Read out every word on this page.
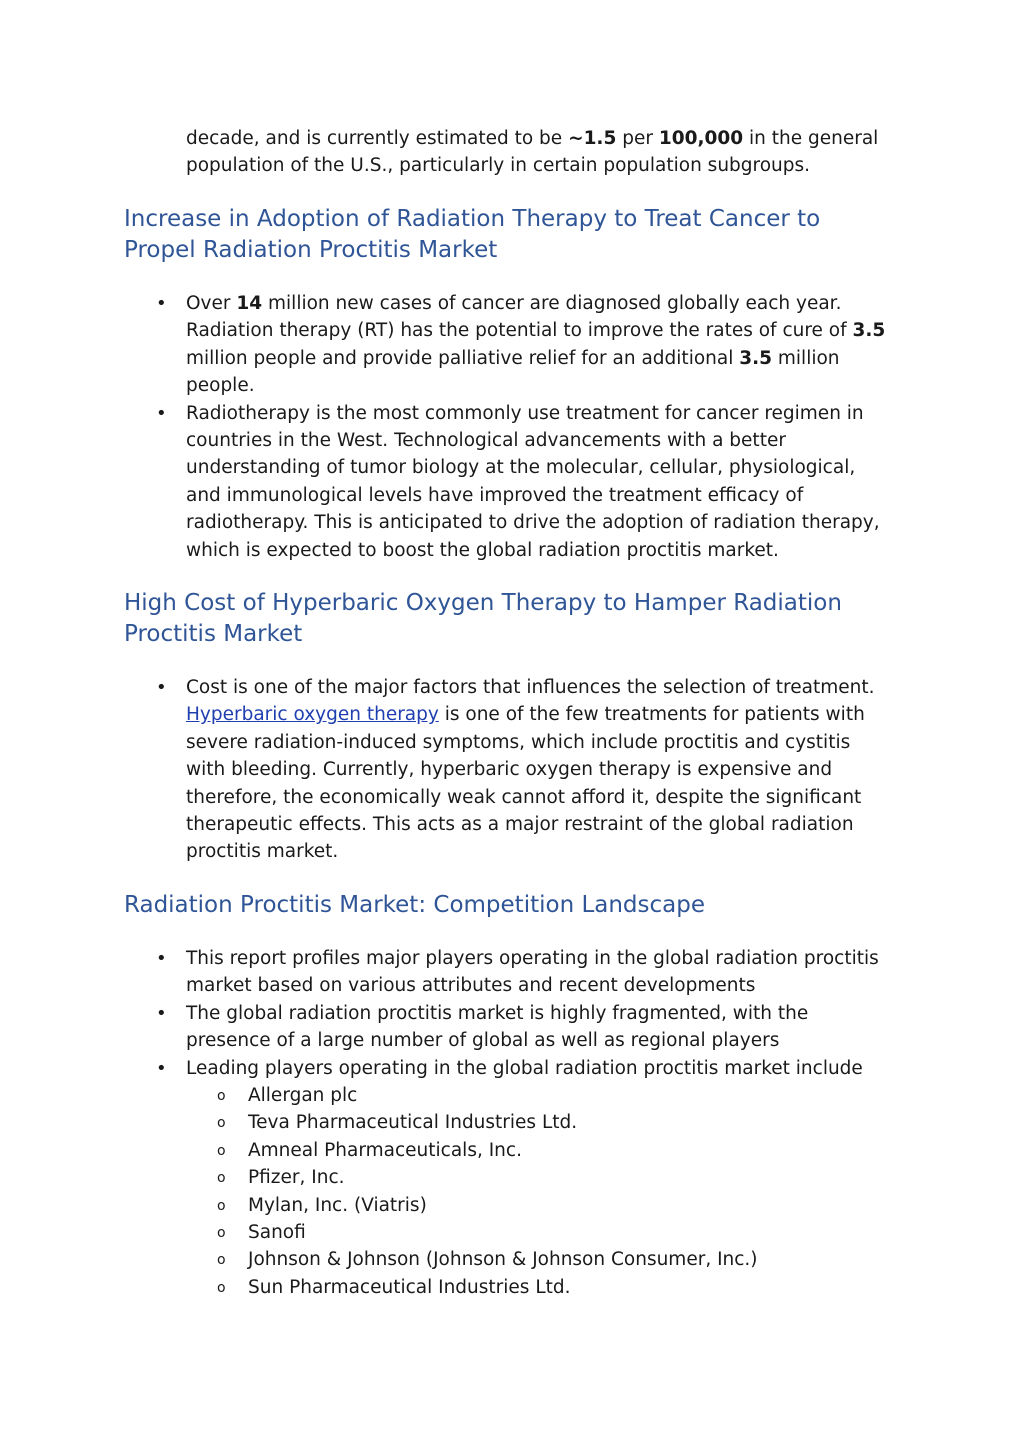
decade, and is currently estimated to be ~1.5 per 100,000 in the general population of the U.S., particularly in certain population subgroups.

Increase in Adoption of Radiation Therapy to Treat Cancer to Propel Radiation Proctitis Market
• Over 14 million new cases of cancer are diagnosed globally each year. Radiation therapy (RT) has the potential to improve the rates of cure of 3.5 million people and provide palliative relief for an additional 3.5 million people.
• Radiotherapy is the most commonly use treatment for cancer regimen in countries in the West. Technological advancements with a better understanding of tumor biology at the molecular, cellular, physiological, and immunological levels have improved the treatment efficacy of radiotherapy. This is anticipated to drive the adoption of radiation therapy, which is expected to boost the global radiation proctitis market.
High Cost of Hyperbaric Oxygen Therapy to Hamper Radiation Proctitis Market
• Cost is one of the major factors that influences the selection of treatment. Hyperbaric oxygen therapy is one of the few treatments for patients with severe radiation-induced symptoms, which include proctitis and cystitis with bleeding. Currently, hyperbaric oxygen therapy is expensive and therefore, the economically weak cannot afford it, despite the significant therapeutic effects. This acts as a major restraint of the global radiation proctitis market.
Radiation Proctitis Market: Competition Landscape
• This report profiles major players operating in the global radiation proctitis market based on various attributes and recent developments
• The global radiation proctitis market is highly fragmented, with the presence of a large number of global as well as regional players
• Leading players operating in the global radiation proctitis market include
o Allergan plc
o Teva Pharmaceutical Industries Ltd.
o Amneal Pharmaceuticals, Inc.
o Pfizer, Inc.
o Mylan, Inc. (Viatris)
o Sanofi
o Johnson & Johnson (Johnson & Johnson Consumer, Inc.)
o Sun Pharmaceutical Industries Ltd.
